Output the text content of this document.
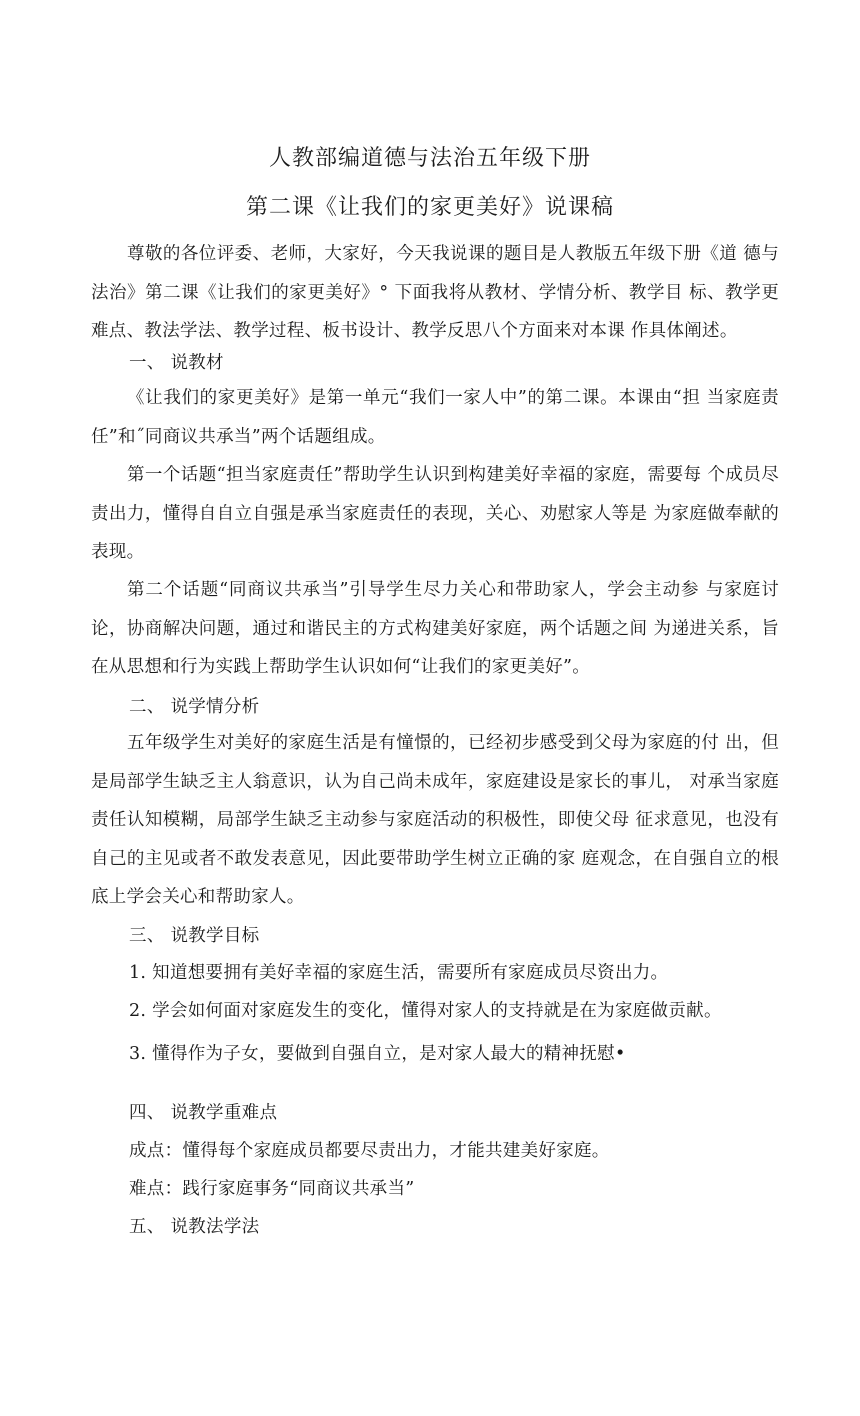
人教部编道德与法治五年级下册
第二课《让我们的家更美好》说课稿
尊敬的各位评委、老师，大家好，今天我说课的题目是人教版五年级下册《道 德与法治》第二课《让我们的家更美好》° 下面我将从教材、学情分析、教学目 标、教学更难点、教法学法、教学过程、板书设计、教学反思八个方面来对本课 作具体阐述。
一、 说教材
《让我们的家更美好》是第一单元“我们一家人中”的第二课。本课由“担 当家庭责任”和˝同商议共承当”两个话题组成。
第一个话题“担当家庭责任”帮助学生认识到构建美好幸福的家庭，需要每 个成员尽责出力，懂得自自立自强是承当家庭责任的表现，关心、劝慰家人等是 为家庭做奉献的表现。
第二个话题“同商议共承当”引导学生尽力关心和带助家人，学会主动参 与家庭讨论，协商解决问题，通过和谐民主的方式构建美好家庭，两个话题之间 为递进关系，旨在从思想和行为实践上帮助学生认识如何“让我们的家更美好”。
二、 说学情分析
五年级学生对美好的家庭生活是有憧憬的，已经初步感受到父母为家庭的付 出，但是局部学生缺乏主人翁意识，认为自己尚未成年，家庭建设是家长的事儿， 对承当家庭责任认知模糊，局部学生缺乏主动参与家庭活动的积极性，即使父母 征求意见，也没有自己的主见或者不敢发表意见，因此要带助学生树立正确的家 庭观念，在自强自立的根底上学会关心和帮助家人。
三、 说教学目标
1. 知道想要拥有美好幸福的家庭生活，需要所有家庭成员尽资出力。
2. 学会如何面对家庭发生的变化，懂得对家人的支持就是在为家庭做贡献。
3. 懂得作为子女，要做到自强自立，是对家人最大的精神抚慰•
四、 说教学重难点
成点：懂得每个家庭成员都要尽责出力，才能共建美好家庭。
难点：践行家庭事务“同商议共承当”
五、 说教法学法
